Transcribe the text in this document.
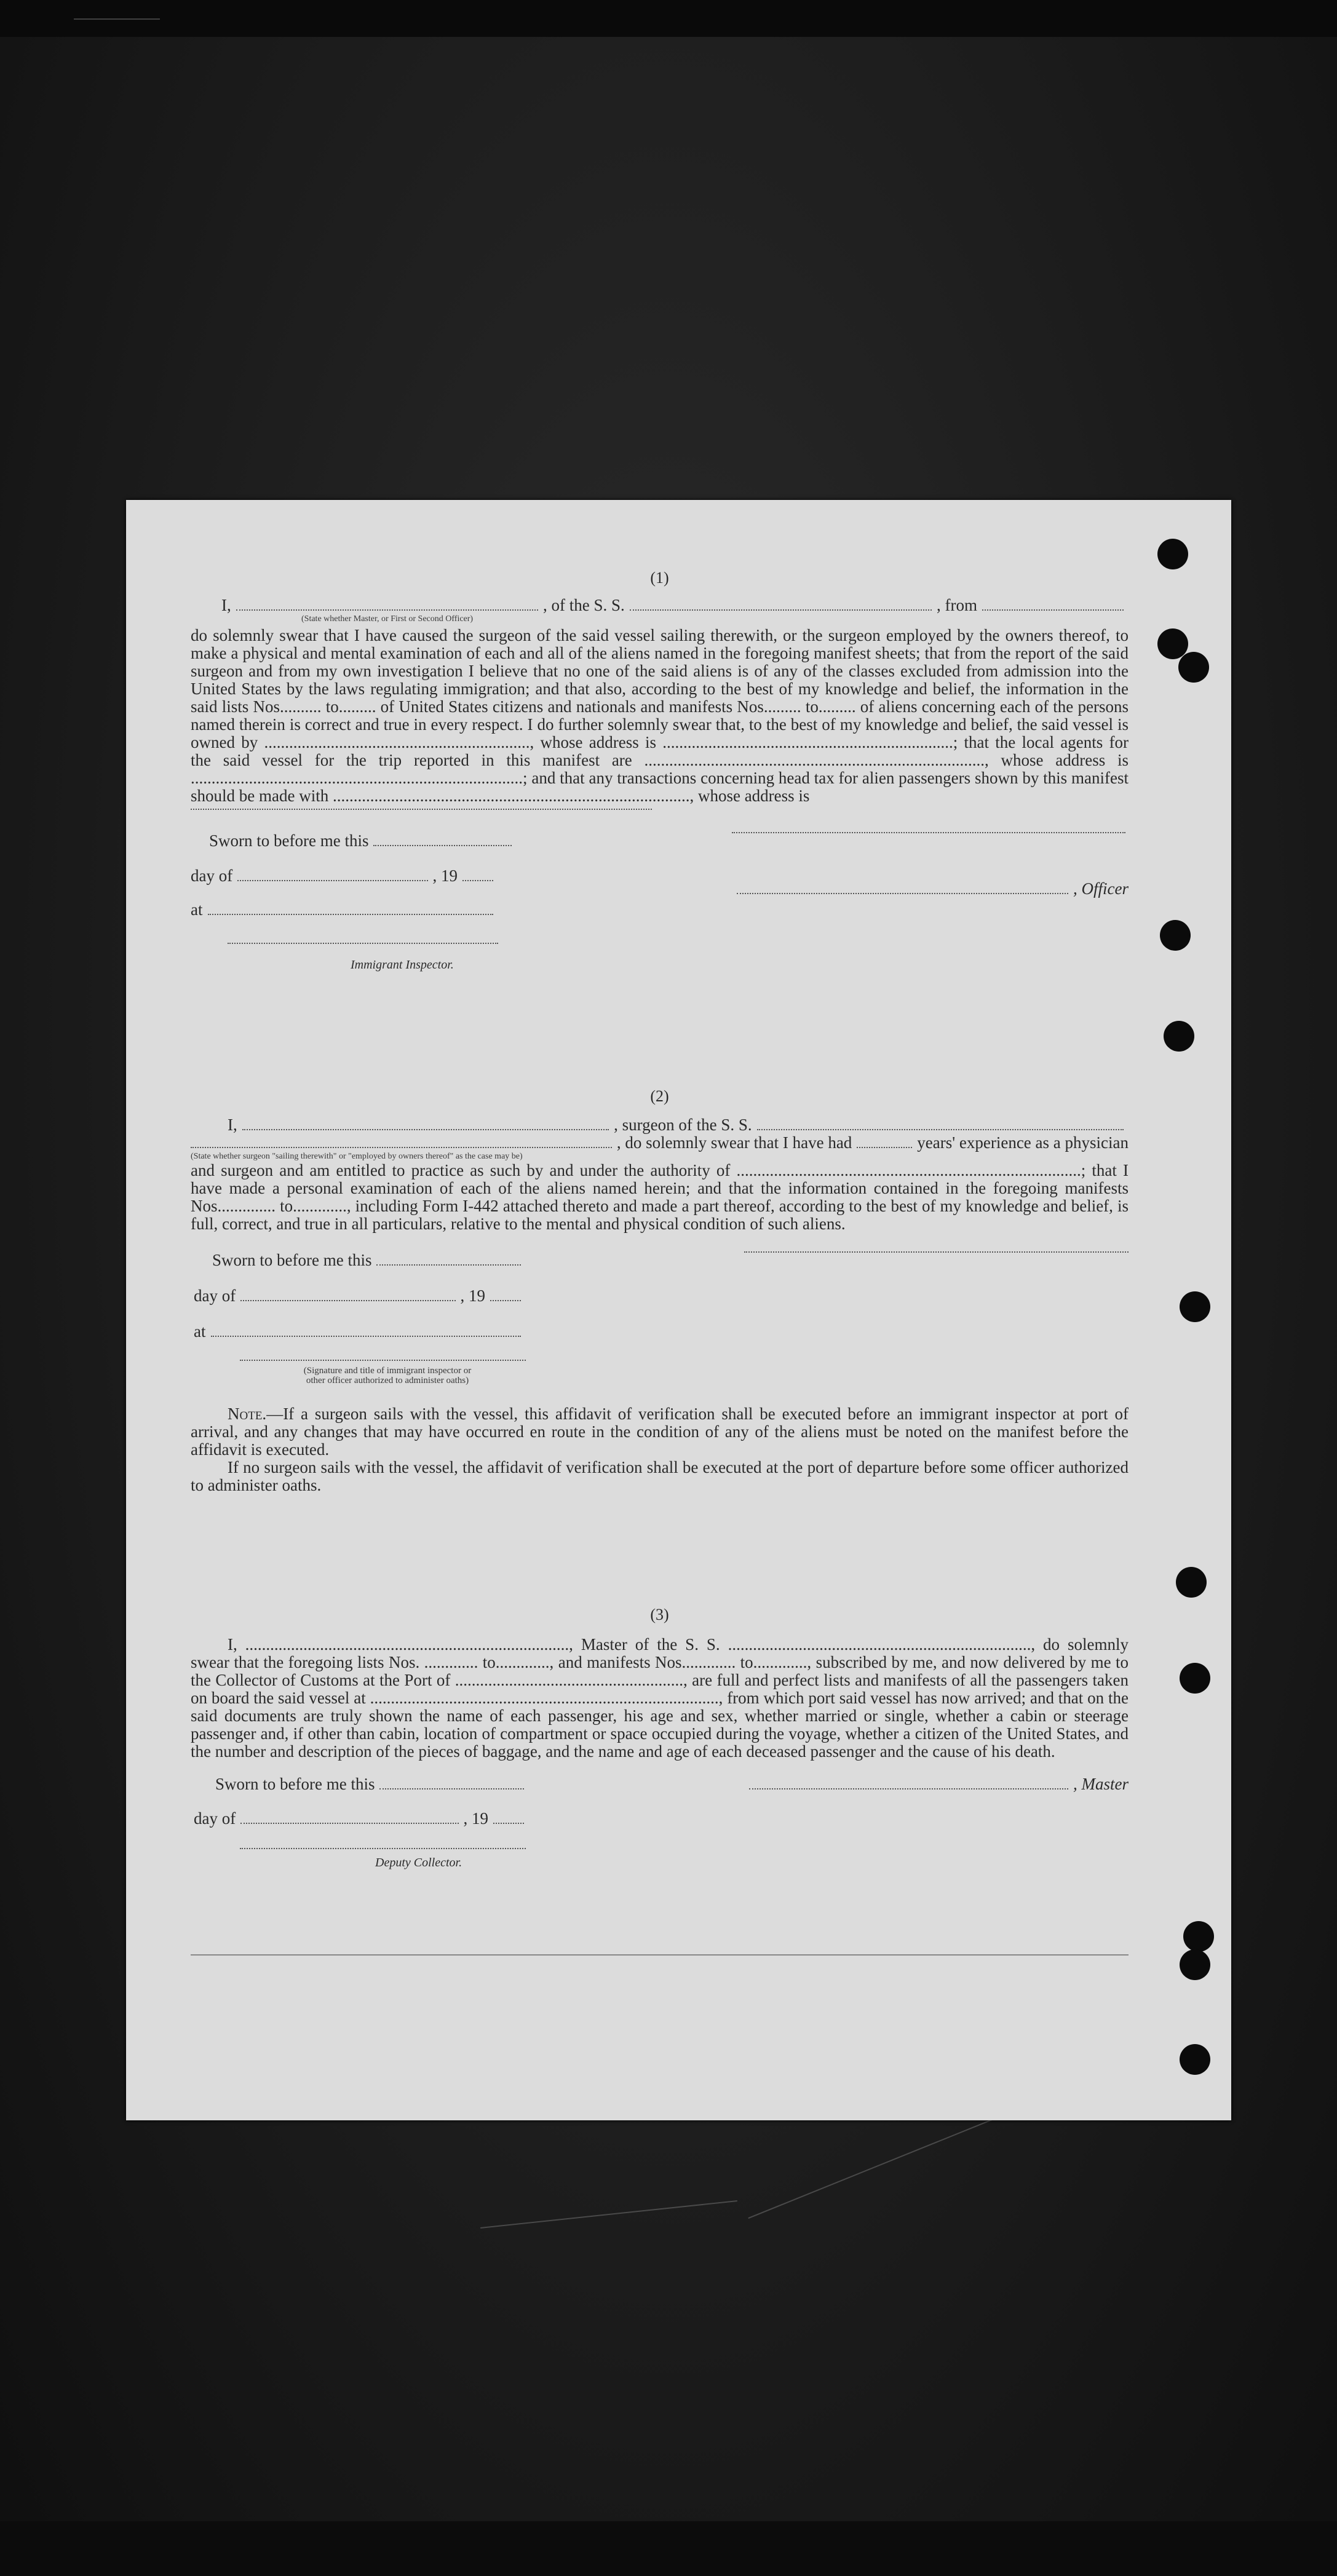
(1)

I,	, of the S. S.	, from
(State whether Master, or First or Second Officer)

do solemnly swear that I have caused the surgeon of the said vessel sailing therewith, or the surgeon employed by the owners thereof, to make a physical and mental examination of each and all of the aliens named in the foregoing manifest sheets; that from the report of the said surgeon and from my own investigation I believe that no one of the said aliens is of any of the classes excluded from admission into the United States by the laws regulating immigration; and that also, according to the best of my knowledge and belief, the information in the said lists Nos.......... to......... of United States citizens and nationals and manifests Nos......... to......... of aliens concerning each of the persons named therein is correct and true in every respect. I do further solemnly swear that, to the best of my knowledge and belief, the said vessel is owned by ................................................................, whose address is ......................................................................; that the local agents for the said vessel for the trip reported in this manifest are .................................................................................., whose address is ................................................................................; and that any transactions concerning head tax for alien passengers shown by this manifest should be made with ......................................................................................, whose address is

Sworn to before me this
day of	, 19
at
Immigrant Inspector.
, Officer

(2)

I,	, surgeon of the S. S.
, do solemnly swear that I have had	years' experience as a physician
(State whether surgeon "sailing therewith" or "employed by owners thereof" as the case may be)

and surgeon and am entitled to practice as such by and under the authority of ...................................................................................; that I have made a personal examination of each of the aliens named herein; and that the information contained in the foregoing manifests Nos.............. to............., including Form I-442 attached thereto and made a part thereof, according to the best of my knowledge and belief, is full, correct, and true in all particulars, relative to the mental and physical condition of such aliens.

Sworn to before me this
day of	, 19
at
(Signature and title of immigrant inspector or
other officer authorized to administer oaths)

Note.—If a surgeon sails with the vessel, this affidavit of verification shall be executed before an immigrant inspector at port of arrival, and any changes that may have occurred en route in the condition of any of the aliens must be noted on the manifest before the affidavit is executed.

If no surgeon sails with the vessel, the affidavit of verification shall be executed at the port of departure before some officer authorized to administer oaths.

(3)

I, .............................................................................., Master of the S. S. ........................................................................., do solemnly swear that the foregoing lists Nos. ............. to............., and manifests Nos............. to............., subscribed by me, and now delivered by me to the Collector of Customs at the Port of ......................................................., are full and perfect lists and manifests of all the passengers taken on board the said vessel at ...................................................................................., from which port said vessel has now arrived; and that on the said documents are truly shown the name of each passenger, his age and sex, whether married or single, whether a cabin or steerage passenger and, if other than cabin, location of compartment or space occupied during the voyage, whether a citizen of the United States, and the number and description of the pieces of baggage, and the name and age of each deceased passenger and the cause of his death.

Sworn to before me this	, Master
day of	, 19
Deputy Collector.
